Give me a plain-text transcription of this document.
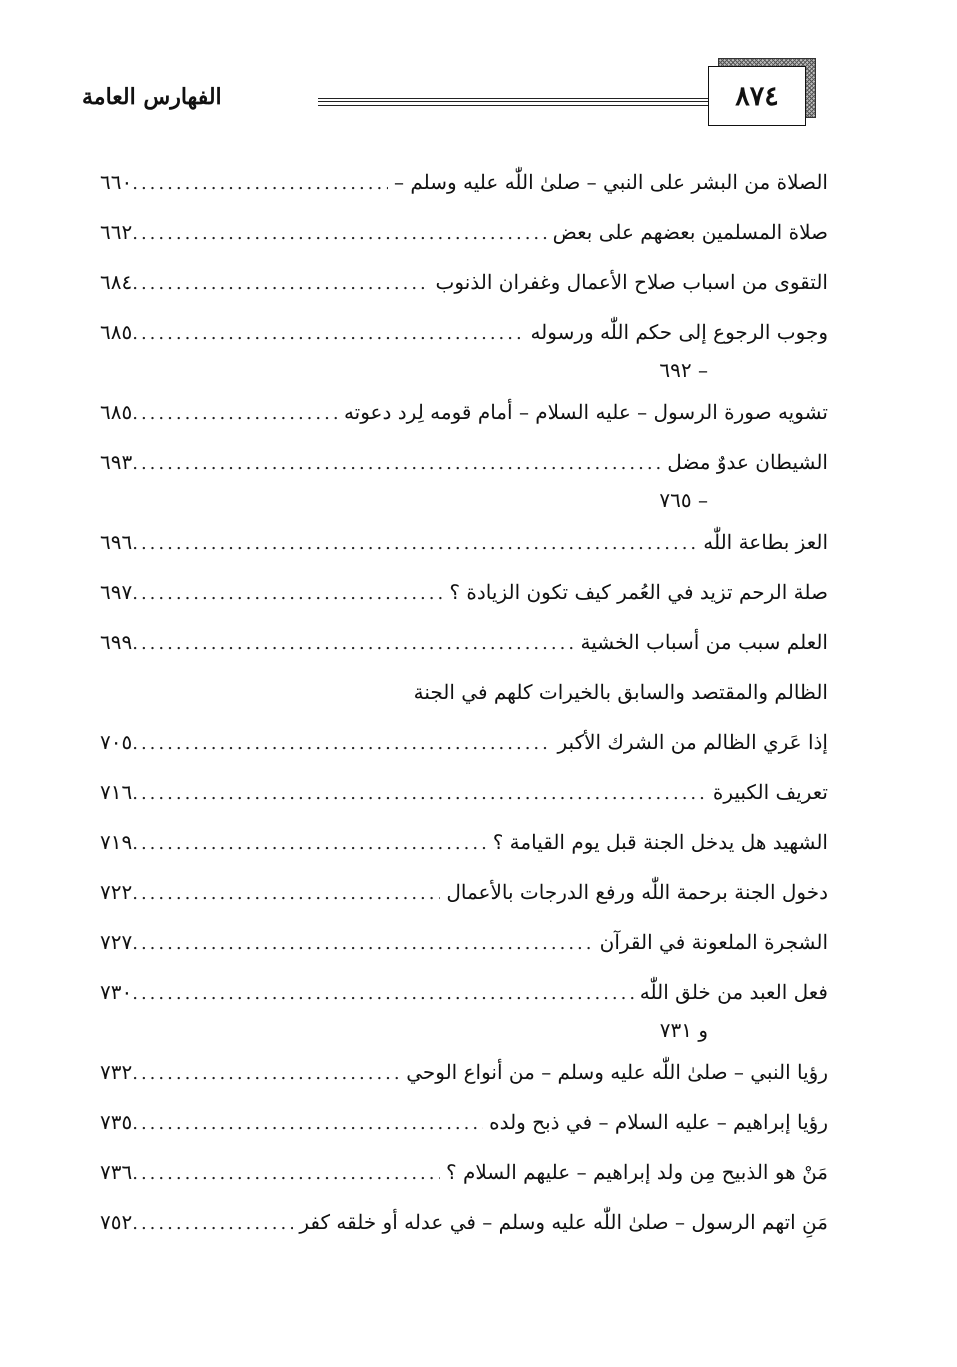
الفهارس العامة	٨٧٤
الصلاة من البشر على النبي – صلىٰ اللّٰه عليه وسلم –
.....
٦٦٠
صلاة المسلمين بعضهم على بعض
.....
٦٦٢
التقوى من اسباب صلاح الأعمال وغفران الذنوب
.....
٦٨٤
وجوب الرجوع إلى حكم اللّٰه ورسوله
.....
٦٨٥
– ٦٩٢
تشويه صورة الرسول – عليه السلام – أمام قومه لِرد دعوته
.....
٦٨٥
الشيطان عدوٌ مضل
.....
٦٩٣
– ٧٦٥
العز بطاعة اللّٰه
.....
٦٩٦
صلة الرحم تزيد في العُمر كيف تكون الزيادة ؟
.....
٦٩٧
العلم سبب من أسباب الخشية
.....
٦٩٩
الظالم والمقتصد والسابق بالخيرات كلهم في الجنة
إذا عَري الظالم من الشرك الأكبر
.....
٧٠٥
تعريف الكبيرة
.....
٧١٦
الشهيد هل يدخل الجنة قبل يوم القيامة ؟
.....
٧١٩
دخول الجنة برحمة اللّٰه ورفع الدرجات بالأعمال
.....
٧٢٢
الشجرة الملعونة في القرآن
.....
٧٢٧
فعل العبد من خلق اللّٰه
.....
٧٣٠
و ٧٣١
رؤيا النبي – صلىٰ اللّٰه عليه وسلم – من أنواع الوحي
.....
٧٣٢
رؤيا إبراهيم – عليه السلام – في ذبح ولده
.....
٧٣٥
مَنْ هو الذبيح مِن ولد إبراهيم – عليهم السلام ؟
.....
٧٣٦
مَنِ اتهم الرسول – صلىٰ اللّٰه عليه وسلم – في عدله أو خلقه كفر
.....
٧٥٢
